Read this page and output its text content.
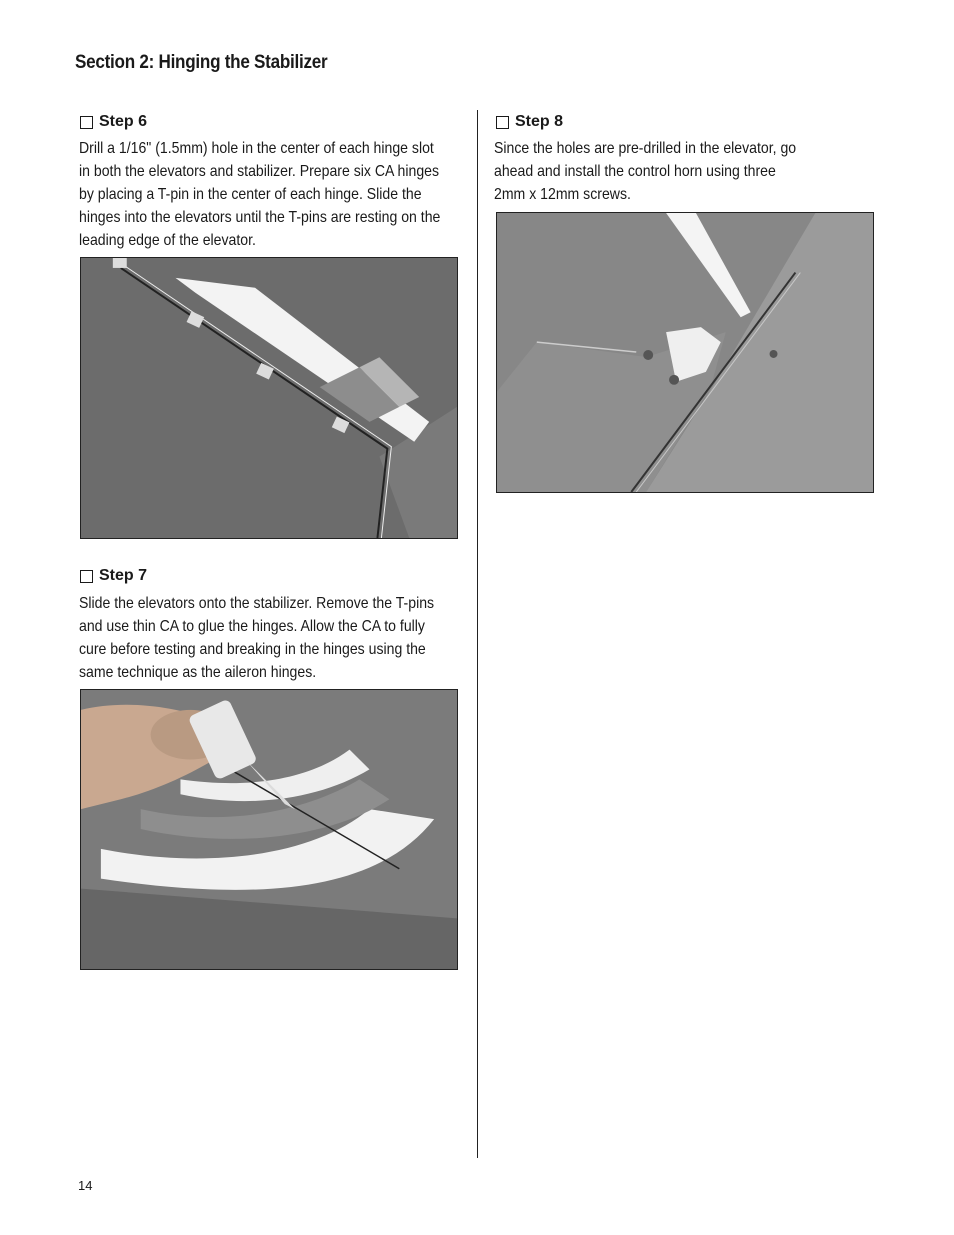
Section 2: Hinging the Stabilizer
Step 6

Drill a 1/16" (1.5mm) hole in the center of each hinge slot
in both the elevators and stabilizer. Prepare six CA hinges
by placing a T-pin in the center of each hinge. Slide the
hinges into the elevators until the T-pins are resting on the
leading edge of the elevator.

Step 7

Slide the elevators onto the stabilizer. Remove the T-pins
and use thin CA to glue the hinges. Allow the CA to fully
cure before testing and breaking in the hinges using the
same technique as the aileron hinges.

Step 8

Since the holes are pre-drilled in the elevator, go
ahead and install the control horn using three
2mm x 12mm screws.

14
